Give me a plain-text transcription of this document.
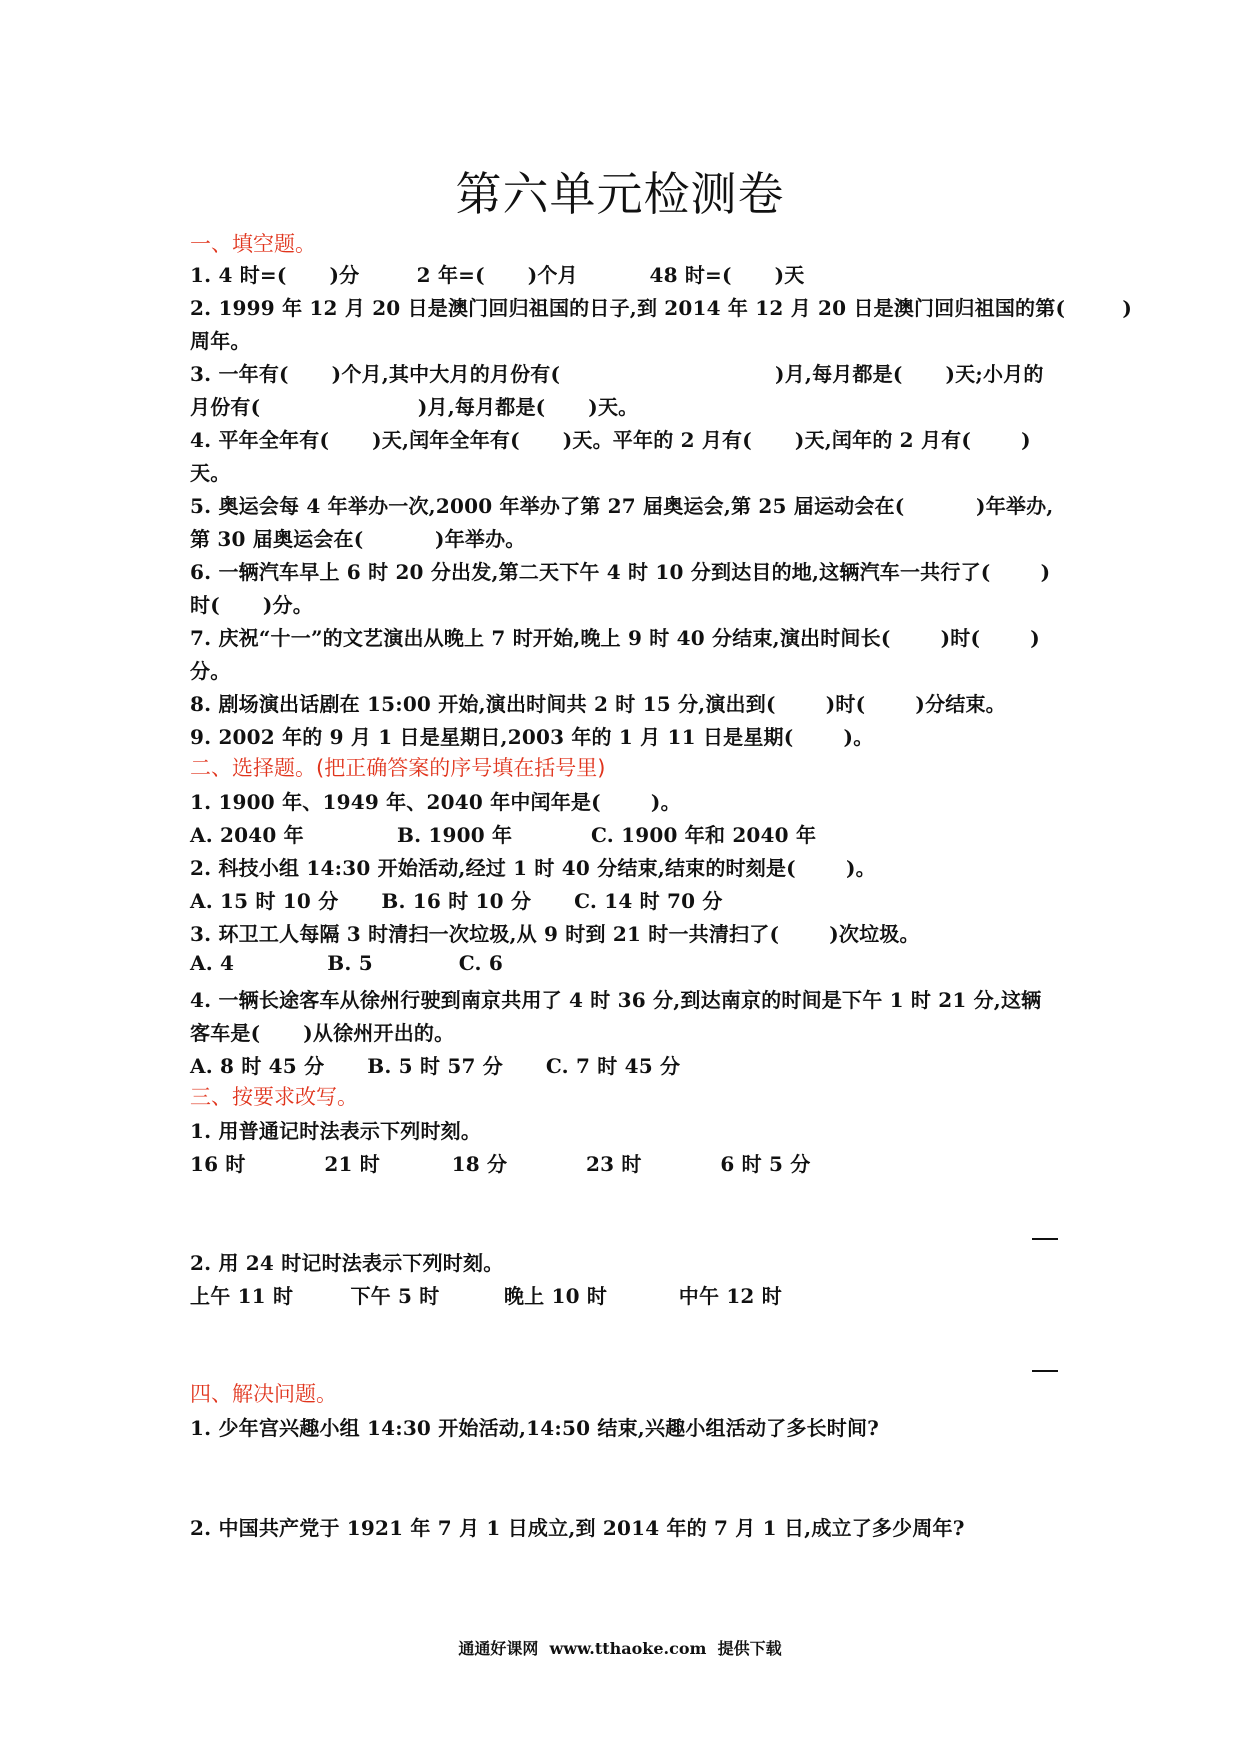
第六单元检测卷
一、填空题。
1. 4 时=(      )分        2 年=(      )个月          48 时=(      )天
2. 1999 年 12 月 20 日是澳门回归祖国的日子,到 2014 年 12 月 20 日是澳门回归祖国的第(        )
周年。
3. 一年有(      )个月,其中大月的月份有(                              )月,每月都是(      )天;小月的
月份有(                      )月,每月都是(      )天。
4. 平年全年有(      )天,闰年全年有(      )天。平年的 2 月有(      )天,闰年的 2 月有(       )
天。
5. 奥运会每 4 年举办一次,2000 年举办了第 27 届奥运会,第 25 届运动会在(          )年举办,
第 30 届奥运会在(          )年举办。
6. 一辆汽车早上 6 时 20 分出发,第二天下午 4 时 10 分到达目的地,这辆汽车一共行了(       )
时(      )分。
7. 庆祝“十一”的文艺演出从晚上 7 时开始,晚上 9 时 40 分结束,演出时间长(       )时(       )
分。
8. 剧场演出话剧在 15:00 开始,演出时间共 2 时 15 分,演出到(       )时(       )分结束。
9. 2002 年的 9 月 1 日是星期日,2003 年的 1 月 11 日是星期(       )。
二、选择题。(把正确答案的序号填在括号里)
1. 1900 年、1949 年、2040 年中闰年是(       )。
A. 2040 年             B. 1900 年           C. 1900 年和 2040 年
2. 科技小组 14:30 开始活动,经过 1 时 40 分结束,结束的时刻是(       )。
A. 15 时 10 分      B. 16 时 10 分      C. 14 时 70 分
3. 环卫工人每隔 3 时清扫一次垃圾,从 9 时到 21 时一共清扫了(       )次垃圾。
A. 4             B. 5            C. 6
4. 一辆长途客车从徐州行驶到南京共用了 4 时 36 分,到达南京的时间是下午 1 时 21 分,这辆
客车是(      )从徐州开出的。
A. 8 时 45 分      B. 5 时 57 分      C. 7 时 45 分
三、按要求改写。
1. 用普通记时法表示下列时刻。
16 时           21 时          18 分           23 时           6 时 5 分
2. 用 24 时记时法表示下列时刻。
上午 11 时        下午 5 时         晚上 10 时          中午 12 时
四、解决问题。
1. 少年宫兴趣小组 14:30 开始活动,14:50 结束,兴趣小组活动了多长时间?
2. 中国共产党于 1921 年 7 月 1 日成立,到 2014 年的 7 月 1 日,成立了多少周年?
通通好课网  www.tthaoke.com  提供下载
